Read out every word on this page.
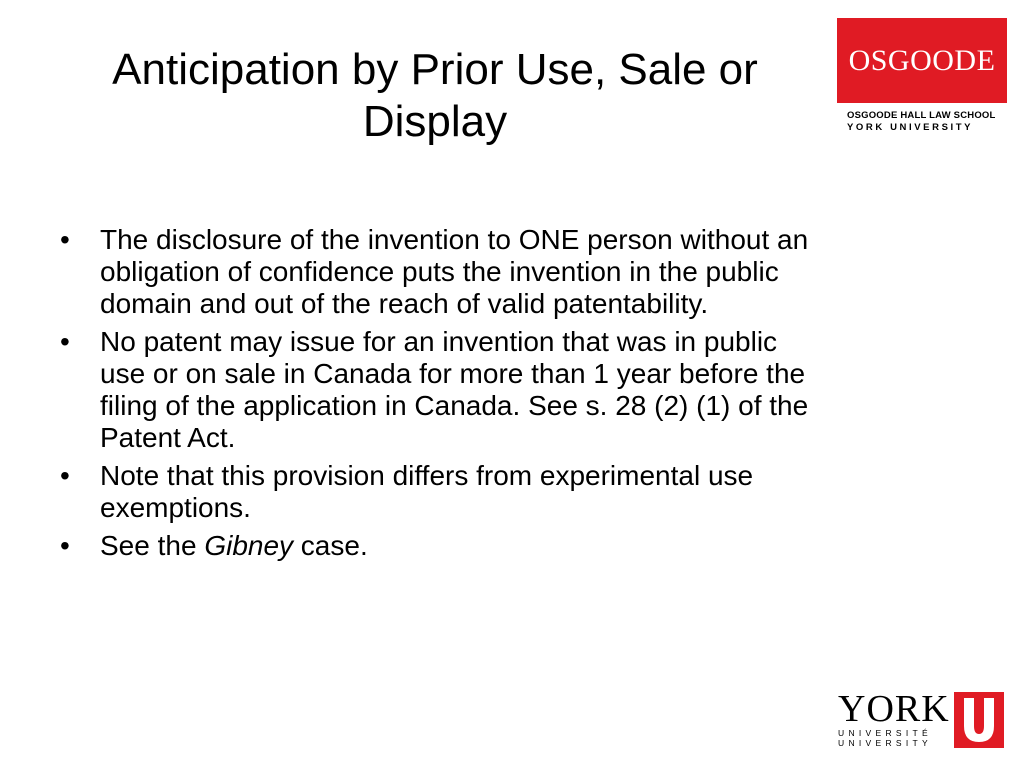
Anticipation by Prior Use, Sale or Display
• The disclosure of the invention to ONE person without an obligation of confidence puts the invention in the public domain and out of the reach of valid patentability.
• No patent may issue for an invention that was in public use or on sale in Canada for more than 1 year before the filing of the application in Canada. See s. 28 (2) (1) of the Patent Act.
• Note that this provision differs from experimental use exemptions.
• See the Gibney case.
OSGOODE
OSGOODE HALL LAW SCHOOL
YORK UNIVERSITY
YORK
UNIVERSITÉ
UNIVERSITY
